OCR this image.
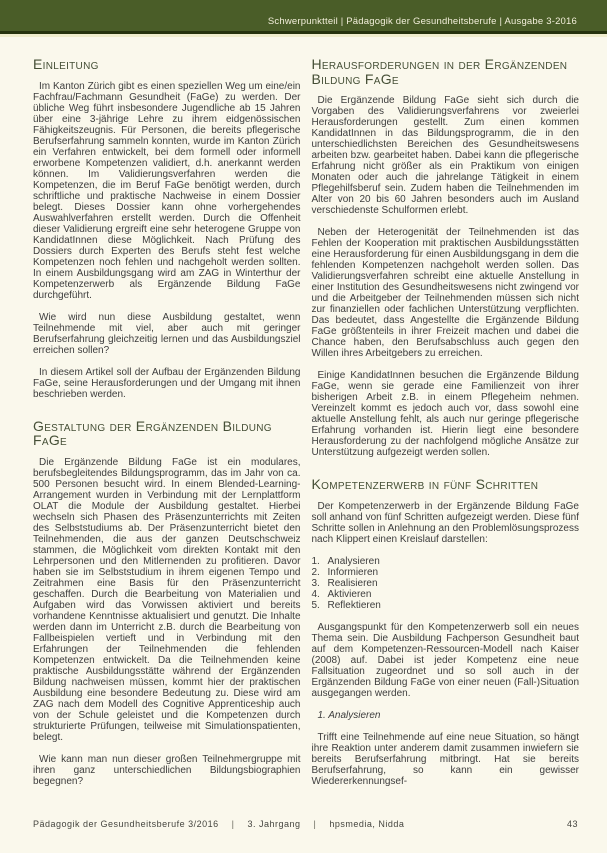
Schwerpunktteil | Pädagogik der Gesundheitsberufe | Ausgabe 3-2016
Einleitung

Im Kanton Zürich gibt es einen speziellen Weg um eine/ein Fachfrau/Fachmann Gesundheit (FaGe) zu werden. Der übliche Weg führt insbesondere Jugendliche ab 15 Jahren über eine 3-jährige Lehre zu ihrem eidgenössischen Fähigkeitszeugnis. Für Personen, die bereits pflegerische Berufserfahrung sammeln konnten, wurde im Kanton Zürich ein Verfahren entwickelt, bei dem formell oder informell erworbene Kompetenzen validiert, d.h. anerkannt werden können. Im Validierungsverfahren werden die Kompetenzen, die im Beruf FaGe benötigt werden, durch schriftliche und praktische Nachweise in einem Dossier belegt. Dieses Dossier kann ohne vorhergehendes Auswahlverfahren erstellt werden. Durch die Offenheit dieser Validierung ergreift eine sehr heterogene Gruppe von KandidatInnen diese Möglichkeit. Nach Prüfung des Dossiers durch Experten des Berufs steht fest welche Kompetenzen noch fehlen und nachgeholt werden sollten. In einem Ausbildungsgang wird am ZAG in Winterthur der Kompetenzerwerb als Ergänzende Bildung FaGe durchgeführt.

Wie wird nun diese Ausbildung gestaltet, wenn Teilnehmende mit viel, aber auch mit geringer Berufserfahrung gleichzeitig lernen und das Ausbildungsziel erreichen sollen?

In diesem Artikel soll der Aufbau der Ergänzenden Bildung FaGe, seine Herausforderungen und der Umgang mit ihnen beschrieben werden.

Gestaltung der Ergänzenden Bildung FaGe

Die Ergänzende Bildung FaGe ist ein modulares, berufsbegleitendes Bildungsprogramm, das im Jahr von ca. 500 Personen besucht wird. In einem Blended-Learning-Arrangement wurden in Verbindung mit der Lernplattform OLAT die Module der Ausbildung gestaltet. Hierbei wechseln sich Phasen des Präsenzunterrichts mit Zeiten des Selbststudiums ab. Der Präsenzunterricht bietet den Teilnehmenden, die aus der ganzen Deutschschweiz stammen, die Möglichkeit vom direkten Kontakt mit den Lehrpersonen und den Mitlernenden zu profitieren. Davor haben sie im Selbststudium in ihrem eigenen Tempo und Zeitrahmen eine Basis für den Präsenzunterricht geschaffen. Durch die Bearbeitung von Materialien und Aufgaben wird das Vorwissen aktiviert und bereits vorhandene Kenntnisse aktualisiert und genutzt. Die Inhalte werden dann im Unterricht z.B. durch die Bearbeitung von Fallbeispielen vertieft und in Verbindung mit den Erfahrungen der Teilnehmenden die fehlenden Kompetenzen entwickelt. Da die Teilnehmenden keine praktische Ausbildungsstätte während der Ergänzenden Bildung nachweisen müssen, kommt hier der praktischen Ausbildung eine besondere Bedeutung zu. Diese wird am ZAG nach dem Modell des Cognitive Apprenticeship auch von der Schule geleistet und die Kompetenzen durch strukturierte Prüfungen, teilweise mit Simulationspatienten, belegt.

Wie kann man nun dieser großen Teilnehmergruppe mit ihren ganz unterschiedlichen Bildungsbiographien begegnen?

Herausforderungen in der Ergänzenden Bildung FaGe

Die Ergänzende Bildung FaGe sieht sich durch die Vorgaben des Validierungsverfahrens vor zweierlei Herausforderungen gestellt. Zum einen kommen KandidatInnen in das Bildungsprogramm, die in den unterschiedlichsten Bereichen des Gesundheitswesens arbeiten bzw. gearbeitet haben. Dabei kann die pflegerische Erfahrung nicht größer als ein Praktikum von einigen Monaten oder auch die jahrelange Tätigkeit in einem Pflegehilfsberuf sein. Zudem haben die Teilnehmenden im Alter von 20 bis 60 Jahren besonders auch im Ausland verschiedenste Schulformen erlebt.

Neben der Heterogenität der Teilnehmenden ist das Fehlen der Kooperation mit praktischen Ausbildungsstätten eine Herausforderung für einen Ausbildungsgang in dem die fehlenden Kompetenzen nachgeholt werden sollen. Das Validierungsverfahren schreibt eine aktuelle Anstellung in einer Institution des Gesundheitswesens nicht zwingend vor und die Arbeitgeber der Teilnehmenden müssen sich nicht zur finanziellen oder fachlichen Unterstützung verpflichten. Das bedeutet, dass Angestellte die Ergänzende Bildung FaGe größtenteils in ihrer Freizeit machen und dabei die Chance haben, den Berufsabschluss auch gegen den Willen ihres Arbeitgebers zu erreichen.

Einige KandidatInnen besuchen die Ergänzende Bildung FaGe, wenn sie gerade eine Familienzeit von ihrer bisherigen Arbeit z.B. in einem Pflegeheim nehmen. Vereinzelt kommt es jedoch auch vor, dass sowohl eine aktuelle Anstellung fehlt, als auch nur geringe pflegerische Erfahrung vorhanden ist. Hierin liegt eine besondere Herausforderung zu der nachfolgend mögliche Ansätze zur Unterstützung aufgezeigt werden sollen.

Kompetenzerwerb in fünf Schritten

Der Kompetenzerwerb in der Ergänzende Bildung FaGe soll anhand von fünf Schritten aufgezeigt werden. Diese fünf Schritte sollen in Anlehnung an den Problemlösungsprozess nach Klippert einen Kreislauf darstellen:

1. Analysieren
2. Informieren
3. Realisieren
4. Aktivieren
5. Reflektieren

Ausgangspunkt für den Kompetenzerwerb soll ein neues Thema sein. Die Ausbildung Fachperson Gesundheit baut auf dem Kompetenzen-Ressourcen-Modell nach Kaiser (2008) auf. Dabei ist jeder Kompetenz eine neue Fallsituation zugeordnet und so soll auch in der Ergänzenden Bildung FaGe von einer neuen (Fall-)Situation ausgegangen werden.

1. Analysieren

Trifft eine Teilnehmende auf eine neue Situation, so hängt ihre Reaktion unter anderem damit zusammen inwiefern sie bereits Berufserfahrung mitbringt. Hat sie bereits Berufserfahrung, so kann ein gewisser Wiedererkennungsef-

Pädagogik der Gesundheitsberufe 3/2016 | 3. Jahrgang | hpsmedia, Nidda	43
